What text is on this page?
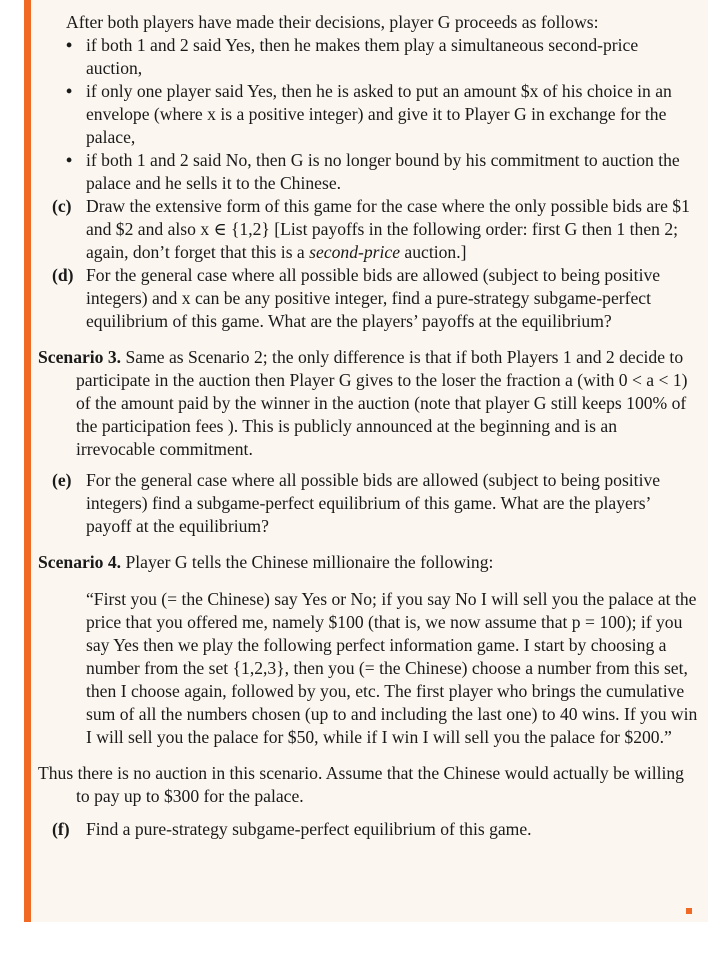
After both players have made their decisions, player G proceeds as follows:

• if both 1 and 2 said Yes, then he makes them play a simultaneous second-price auction,
• if only one player said Yes, then he is asked to put an amount $x of his choice in an envelope (where x is a positive integer) and give it to Player G in exchange for the palace,
• if both 1 and 2 said No, then G is no longer bound by his commitment to auction the palace and he sells it to the Chinese.
(c) Draw the extensive form of this game for the case where the only possible bids are $1 and $2 and also x ∈ {1,2} [List payoffs in the following order: first G then 1 then 2; again, don’t forget that this is a second-price auction.]
(d) For the general case where all possible bids are allowed (subject to being positive integers) and x can be any positive integer, find a pure-strategy subgame-perfect equilibrium of this game. What are the players’ payoffs at the equilibrium?

Scenario 3. Same as Scenario 2; the only difference is that if both Players 1 and 2 decide to participate in the auction then Player G gives to the loser the fraction a (with 0 < a < 1) of the amount paid by the winner in the auction (note that player G still keeps 100% of the participation fees ). This is publicly announced at the beginning and is an irrevocable commitment.

(e) For the general case where all possible bids are allowed (subject to being positive integers) find a subgame-perfect equilibrium of this game. What are the players’ payoff at the equilibrium?

Scenario 4. Player G tells the Chinese millionaire the following:

“First you (= the Chinese) say Yes or No; if you say No I will sell you the palace at the price that you offered me, namely $100 (that is, we now assume that p = 100); if you say Yes then we play the following perfect information game. I start by choosing a number from the set {1,2,3}, then you (= the Chinese) choose a number from this set, then I choose again, followed by you, etc. The first player who brings the cumulative sum of all the numbers chosen (up to and including the last one) to 40 wins. If you win I will sell you the palace for $50, while if I win I will sell you the palace for $200.”

Thus there is no auction in this scenario. Assume that the Chinese would actually be willing to pay up to $300 for the palace.

(f) Find a pure-strategy subgame-perfect equilibrium of this game.
